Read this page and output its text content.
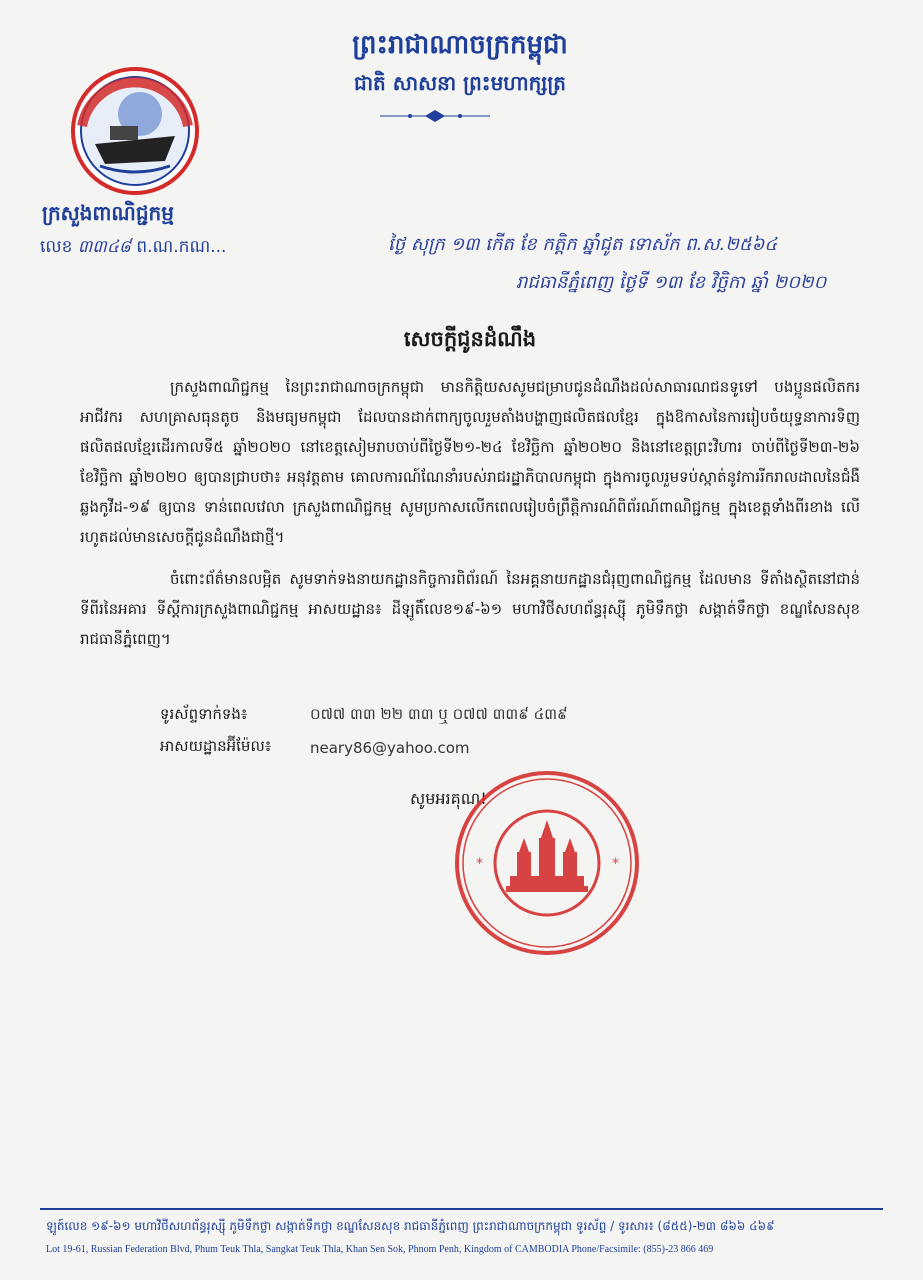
ព្រះរាជាណាចក្រកម្ពុជា
ជាតិ សាសនា ព្រះមហាក្សត្រ
ក្រសួងពាណិជ្ជកម្ម
លេខ ៣៣៤៨ ព.ណ.កណ...	ថ្ងៃ សុក្រ ១៣ កើត ខែ កត្តិក ឆ្នាំជូត ទោស័ក ព.ស.២៥៦៤
រាជធានីភ្នំពេញ ថ្ងៃទី ១៣ ខែ វិច្ឆិកា ឆ្នាំ ២០២០
សេចក្ដីជូនដំណឹង

ក្រសួងពាណិជ្ជកម្ម នៃព្រះរាជាណាចក្រកម្ពុជា មានកិត្តិយសសូមជម្រាបជូនដំណឹងដល់សាធារណជនទូទៅ បងប្អូនផលិតករ អាជីវករ សហគ្រាសធុនតូច និងមធ្យមកម្ពុជា ដែលបានដាក់ពាក្យចូលរួមតាំងបង្ហាញផលិតផលខ្មែរ ក្នុងឱកាសនៃការរៀបចំយុទ្ធនាការទិញផលិតផលខ្មែរដើរកាលទី៥ ឆ្នាំ២០២០ នៅខេត្តសៀមរាបចាប់ពីថ្ងៃទី២១-២៤ ខែវិច្ឆិកា ឆ្នាំ២០២០ និងនៅខេត្តព្រះវិហារ ចាប់ពីថ្ងៃទី២៣-២៦ ខែវិច្ឆិកា ឆ្នាំ២០២០ ឲ្យបានជ្រាបថា៖ អនុវត្តតាម គោលការណ៍ណែនាំរបស់រាជរដ្ឋាភិបាលកម្ពុជា ក្នុងការចូលរួមទប់ស្កាត់នូវការរីករាលដាលនៃជំងឺឆ្លងកូវីដ-១៩ ឲ្យបាន ទាន់ពេលវេលា ក្រសួងពាណិជ្ជកម្ម សូមប្រកាសលើកពេលរៀបចំព្រឹត្តិការណ៍ពិព័រណ៍ពាណិជ្ជកម្ម ក្នុងខេត្តទាំងពីរខាង លើរហូតដល់មានសេចក្ដីជូនដំណឹងជាថ្មី។

ចំពោះព័ត៌មានលម្អិត សូមទាក់ទងនាយកដ្ឋានកិច្ចការពិព័រណ៍ នៃអគ្គនាយកដ្ឋានជំរុញពាណិជ្ជកម្ម ដែលមាន ទីតាំងស្ថិតនៅជាន់ទីពីរនៃអគារ ទីស្ដីការក្រសួងពាណិជ្ជកម្ម អាសយដ្ឋាន៖ ដីឡូតិ៍លេខ១៩-៦១ មហាវិថីសហព័ន្ធរុស្ស៊ី ភូមិទឹកថ្លា សង្កាត់ទឹកថ្លា ខណ្ឌសែនសុខ រាជធានីភ្នំពេញ។

ទូរស័ព្ទទាក់ទង៖	០៧៧ ៣៣ ២២ ៣៣ ឬ ០៧៧ ៣៣៩ ៤៣៩
អាសយដ្ឋានអ៊ីម៉ែល៖	neary86@yahoo.com
សូមអរគុណ!
*	*
ឡូត៍លេខ ១៩-៦១ មហាវិថីសហព័ន្ធរុស្ស៊ី ភូមិទឹកថ្លា សង្កាត់ទឹកថ្លា ខណ្ឌសែនសុខ រាជធានីភ្នំពេញ ព្រះរាជាណាចក្រកម្ពុជា ទូរស័ព្ទ / ទូរសារ៖ (៨៥៥)-២៣ ៨៦៦ ៤៦៩
Lot 19-61, Russian Federation Blvd, Phum Teuk Thla, Sangkat Teuk Thla, Khan Sen Sok, Phnom Penh, Kingdom of CAMBODIA Phone/Facsimile: (855)-23 866 469
